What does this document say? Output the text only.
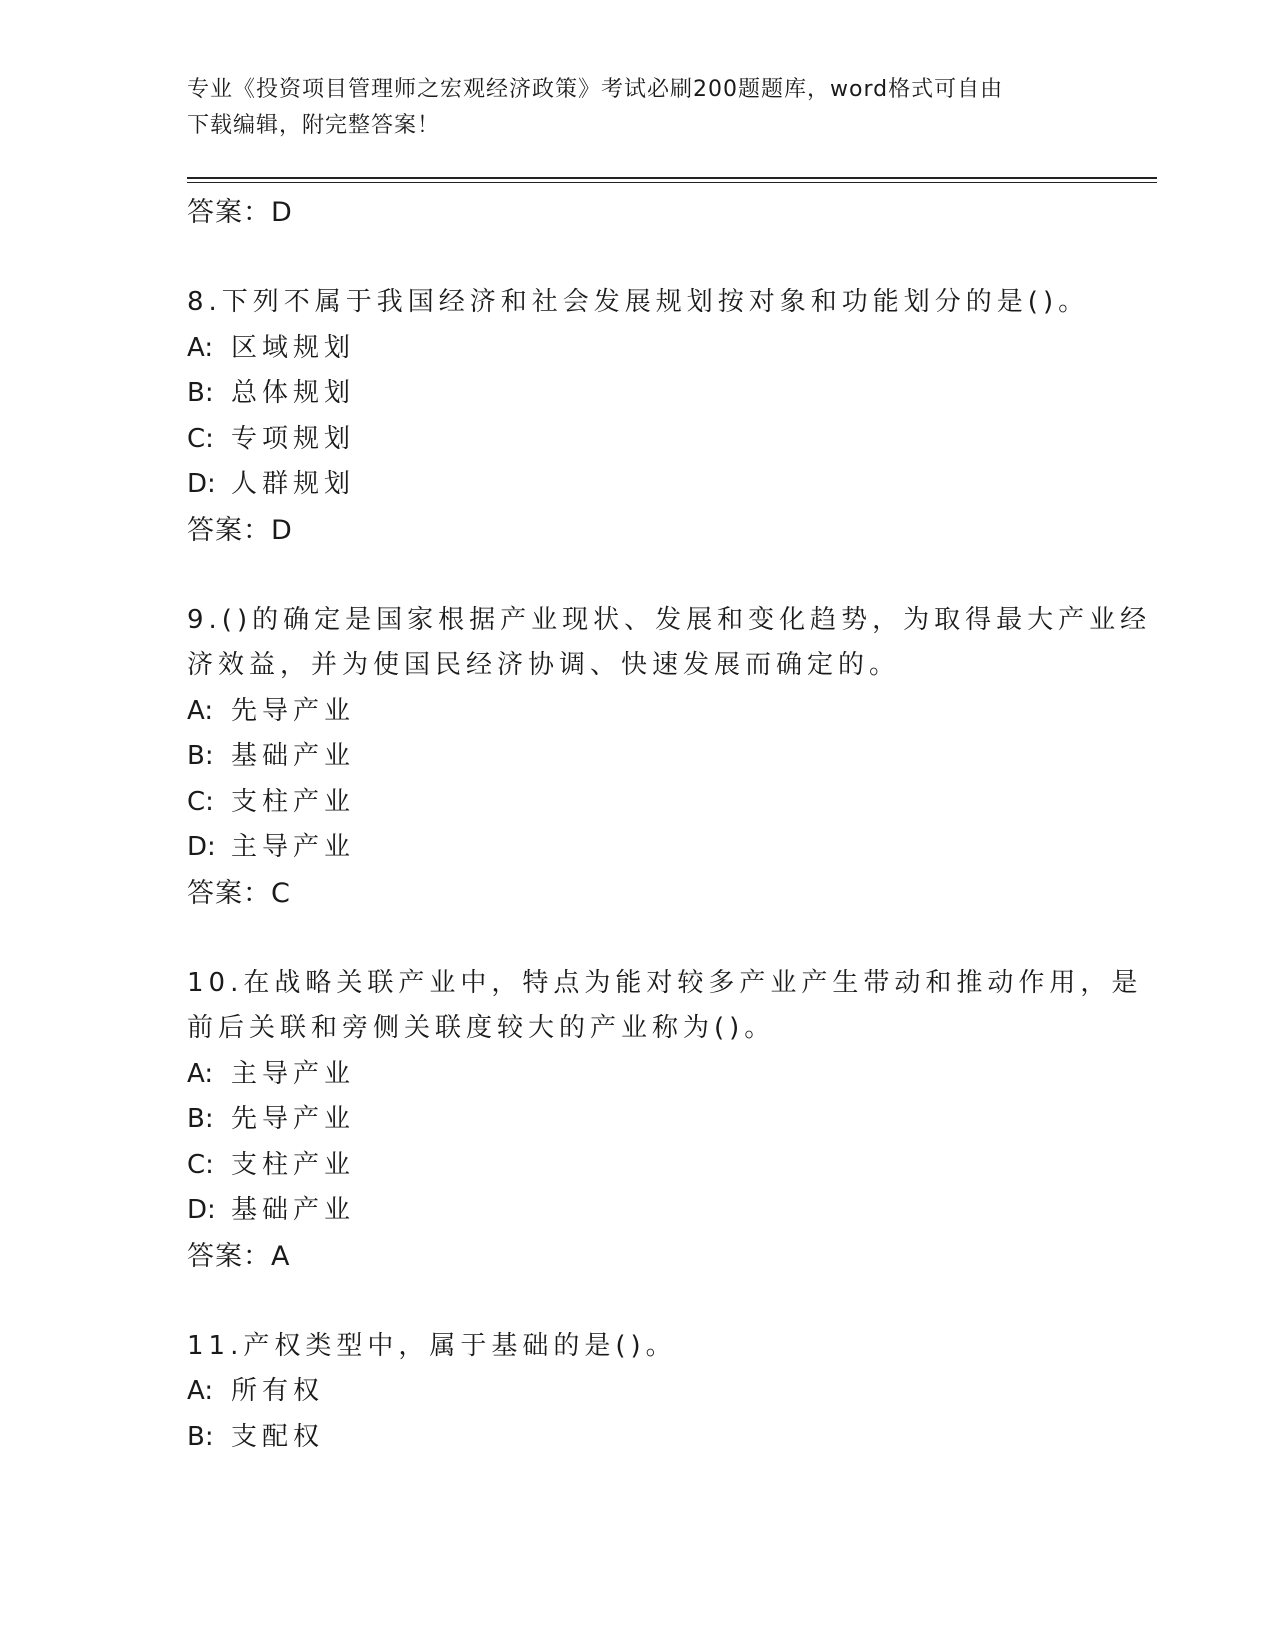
专业《投资项目管理师之宏观经济政策》考试必刷200题题库，word格式可自由
下载编辑，附完整答案！
答案：D
8.下列不属于我国经济和社会发展规划按对象和功能划分的是()。
A: 区域规划
B: 总体规划
C: 专项规划
D: 人群规划
答案：D
9.()的确定是国家根据产业现状、发展和变化趋势，为取得最大产业经济效益，并为使国民经济协调、快速发展而确定的。
A: 先导产业
B: 基础产业
C: 支柱产业
D: 主导产业
答案：C
10.在战略关联产业中，特点为能对较多产业产生带动和推动作用，是前后关联和旁侧关联度较大的产业称为()。
A: 主导产业
B: 先导产业
C: 支柱产业
D: 基础产业
答案：A
11.产权类型中，属于基础的是()。
A: 所有权
B: 支配权
